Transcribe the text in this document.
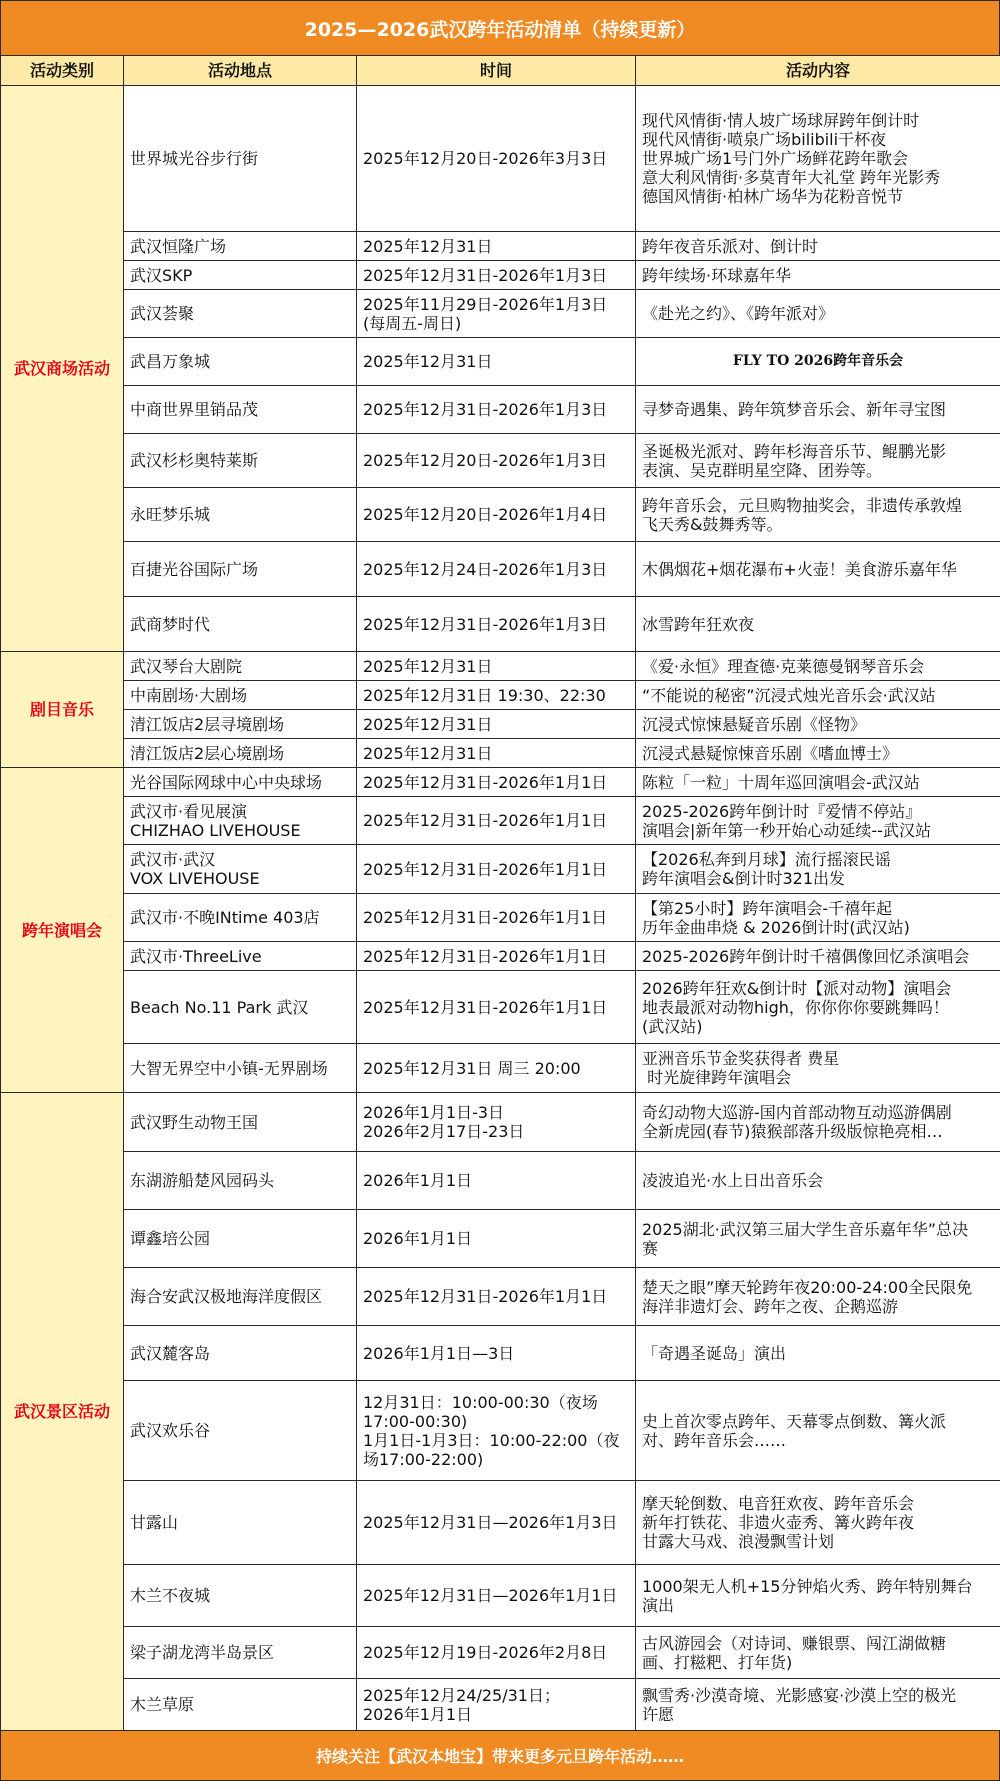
2025—2026武汉跨年活动清单（持续更新）
活动类别	活动地点	时间	活动内容
武汉商场活动	世界城光谷步行街	2025年12月20日-2026年3月3日	现代风情街·情人坡广场球屏跨年倒计时
现代风情街·喷泉广场bilibili干杯夜
世界城广场1号门外广场鲜花跨年歌会
意大利风情街·多莫青年大礼堂 跨年光影秀
德国风情街·柏林广场华为花粉音悦节

	武汉恒隆广场	2025年12月31日	跨年夜音乐派对、倒计时

	武汉SKP	2025年12月31日-2026年1月3日	跨年续场·环球嘉年华

	武汉荟聚	2025年11月29日-2026年1月3日
(每周五-周日)	《赴光之约》、《跨年派对》

	武昌万象城	2025年12月31日	FLY TO 2026跨年音乐会

	中商世界里销品茂	2025年12月31日-2026年1月3日	寻梦奇遇集、跨年筑梦音乐会、新年寻宝图

	武汉杉杉奥特莱斯	2025年12月20日-2026年1月3日	圣诞极光派对、跨年杉海音乐节、鲲鹏光影
表演、吴克群明星空降、团券等。

	永旺梦乐城	2025年12月20日-2026年1月4日	跨年音乐会，元旦购物抽奖会，非遗传承敦煌
飞天秀&鼓舞秀等。

	百捷光谷国际广场	2025年12月24日-2026年1月3日	木偶烟花+烟花瀑布+火壶！美食游乐嘉年华

	武商梦时代	2025年12月31日-2026年1月3日	冰雪跨年狂欢夜

剧目音乐	武汉琴台大剧院	2025年12月31日	《爱·永恒》理查德·克莱德曼钢琴音乐会

	中南剧场·大剧场	2025年12月31日 19:30、22:30	“不能说的秘密”沉浸式烛光音乐会·武汉站

	清江饭店2层寻境剧场	2025年12月31日	沉浸式惊悚悬疑音乐剧《怪物》

	清江饭店2层心境剧场	2025年12月31日	沉浸式悬疑惊悚音乐剧《嗜血博士》

跨年演唱会	光谷国际网球中心中央球场	2025年12月31日-2026年1月1日	陈粒「一粒」十周年巡回演唱会-武汉站

	武汉市·看见展演
CHIZHAO LIVEHOUSE	2025年12月31日-2026年1月1日	2025-2026跨年倒计时『爱情不停站』
演唱会|新年第一秒开始心动延续--武汉站

	武汉市·武汉
VOX LIVEHOUSE	2025年12月31日-2026年1月1日	【2026私奔到月球】流行摇滚民谣
跨年演唱会&倒计时321出发

	武汉市·不晚INtime 403店	2025年12月31日-2026年1月1日	【第25小时】跨年演唱会-千禧年起
历年金曲串烧 & 2026倒计时(武汉站)

	武汉市·ThreeLive	2025年12月31日-2026年1月1日	2025-2026跨年倒计时千禧偶像回忆杀演唱会

	Beach No.11 Park 武汉	2025年12月31日-2026年1月1日	2026跨年狂欢&倒计时【派对动物】演唱会
地表最派对动物high，你你你你要跳舞吗！
(武汉站)

	大智无界空中小镇-无界剧场	2025年12月31日 周三 20:00	亚洲音乐节金奖获得者 费星
时光旋律跨年演唱会

武汉景区活动	武汉野生动物王国	2026年1月1日-3日
2026年2月17日-23日	奇幻动物大巡游-国内首部动物互动巡游偶剧
全新虎园(春节)猿猴部落升级版惊艳亮相…

	东湖游船楚风园码头	2026年1月1日	凌波追光·水上日出音乐会

	谭鑫培公园	2026年1月1日	2025湖北·武汉第三届大学生音乐嘉年华”总决
赛

	海合安武汉极地海洋度假区	2025年12月31日-2026年1月1日	楚天之眼”摩天轮跨年夜20:00-24:00全民限免
海洋非遗灯会、跨年之夜、企鹅巡游

	武汉麓客岛	2026年1月1日—3日	「奇遇圣诞岛」演出

	武汉欢乐谷	12月31日：10:00-00:30（夜场
17:00-00:30)
1月1日-1月3日：10:00-22:00（夜
场17:00-22:00)	史上首次零点跨年、天幕零点倒数、篝火派
对、跨年音乐会……

	甘露山	2025年12月31日—2026年1月3日	摩天轮倒数、电音狂欢夜、跨年音乐会
新年打铁花、非遗火壶秀、篝火跨年夜
甘露大马戏、浪漫飘雪计划

	木兰不夜城	2025年12月31日—2026年1月1日	1000架无人机+15分钟焰火秀、跨年特别舞台
演出

	梁子湖龙湾半岛景区	2025年12月19日-2026年2月8日	古风游园会（对诗词、赚银票、闯江湖做糖
画、打糍粑、打年货)

	木兰草原	2025年12月24/25/31日；
2026年1月1日	飘雪秀·沙漠奇境、光影感宴·沙漠上空的极光
许愿
持续关注【武汉本地宝】带来更多元旦跨年活动……
